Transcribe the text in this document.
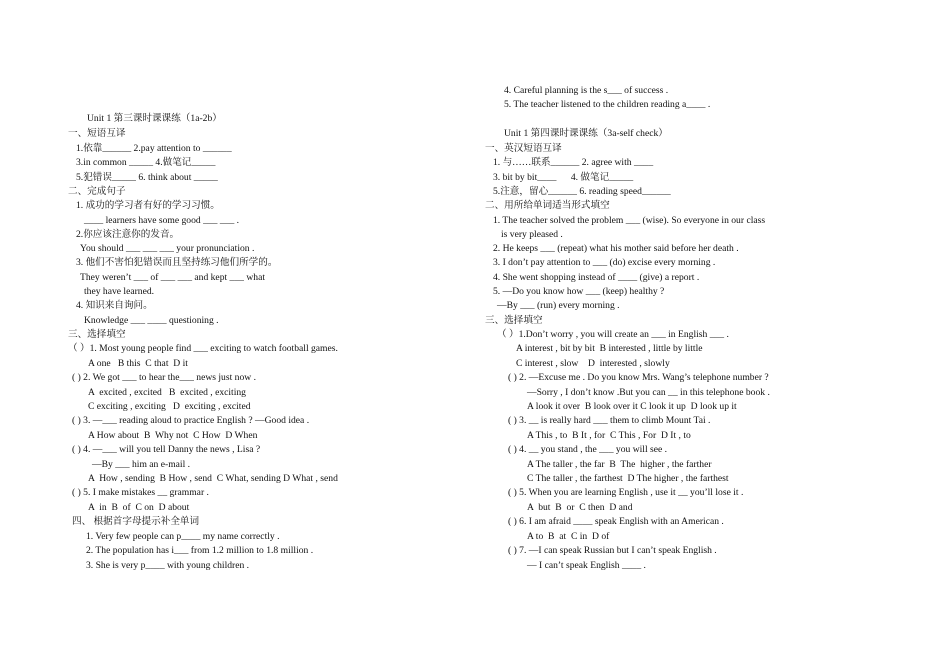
Unit 1 第三课时课课练（1a-2b）
一、短语互译
1.依靠______ 2.pay attention to ______
3.in common _____ 4.做笔记_____
5.犯错误_____ 6. think about _____
二、完成句子
1. 成功的学习者有好的学习习惯。
____ learners have some good ___ ___ .
2.你应该注意你的发音。
You should ___ ___ ___ your pronunciation .
3. 他们不害怕犯错误而且坚持练习他们所学的。
They weren’t ___ of ___ ___ and kept ___ what
they have learned.
4. 知识来自询问。
Knowledge ___ ____ questioning .
三、选择填空
（ ）1. Most young people find ___ exciting to watch football games.
A one   B this  C that  D it
( ) 2. We got ___ to hear the___ news just now .
A  excited , excited   B  excited , exciting
C exciting , exciting   D  exciting , excited
( ) 3. —___ reading aloud to practice English ? —Good idea .
A How about  B  Why not  C How  D When
( ) 4. —___ will you tell Danny the news , Lisa ?
—By ___ him an e-mail .
A  How , sending  B How , send  C What, sending D What , send
( ) 5. I make mistakes __ grammar .
A  in  B  of  C on  D about
四、 根据首字母提示补全单词
1. Very few people can p____ my name correctly .
2. The population has i___ from 1.2 million to 1.8 million .
3. She is very p____ with young children .
4. Careful planning is the s___ of success .
5. The teacher listened to the children reading a____ .
Unit 1 第四课时课课练（3a-self check）
一、英汉短语互译
1. 与……联系______ 2. agree with ____
3. bit by bit____      4. 做笔记_____
5.注意，留心______ 6. reading speed______
二、用所给单词适当形式填空
1. The teacher solved the problem ___ (wise). So everyone in our class
is very pleased .
2. He keeps ___ (repeat) what his mother said before her death .
3. I don’t pay attention to ___ (do) excise every morning .
4. She went shopping instead of ____ (give) a report .
5. —Do you know how ___ (keep) healthy ?
—By ___ (run) every morning .
三、选择填空
（ ）1.Don’t worry , you will create an ___ in English ___ .
A interest , bit by bit  B interested , little by little
C interest , slow    D  interested , slowly
( ) 2. —Excuse me . Do you know Mrs. Wang’s telephone number ?
—Sorry , I don’t know .But you can __ in this telephone book .
A look it over  B look over it C look it up  D look up it
( ) 3. __ is really hard ___ them to climb Mount Tai .
A This , to  B It , for  C This , For  D It , to
( ) 4. __ you stand , the ___ you will see .
A The taller , the far  B  The  higher , the farther
C The taller , the farthest  D The higher , the farthest
( ) 5. When you are learning English , use it __ you’ll lose it .
A  but  B  or  C then  D and
( ) 6. I am afraid ____ speak English with an American .
A to  B  at  C in  D of
( ) 7. —I can speak Russian but I can’t speak English .
— I can’t speak English ____ .
